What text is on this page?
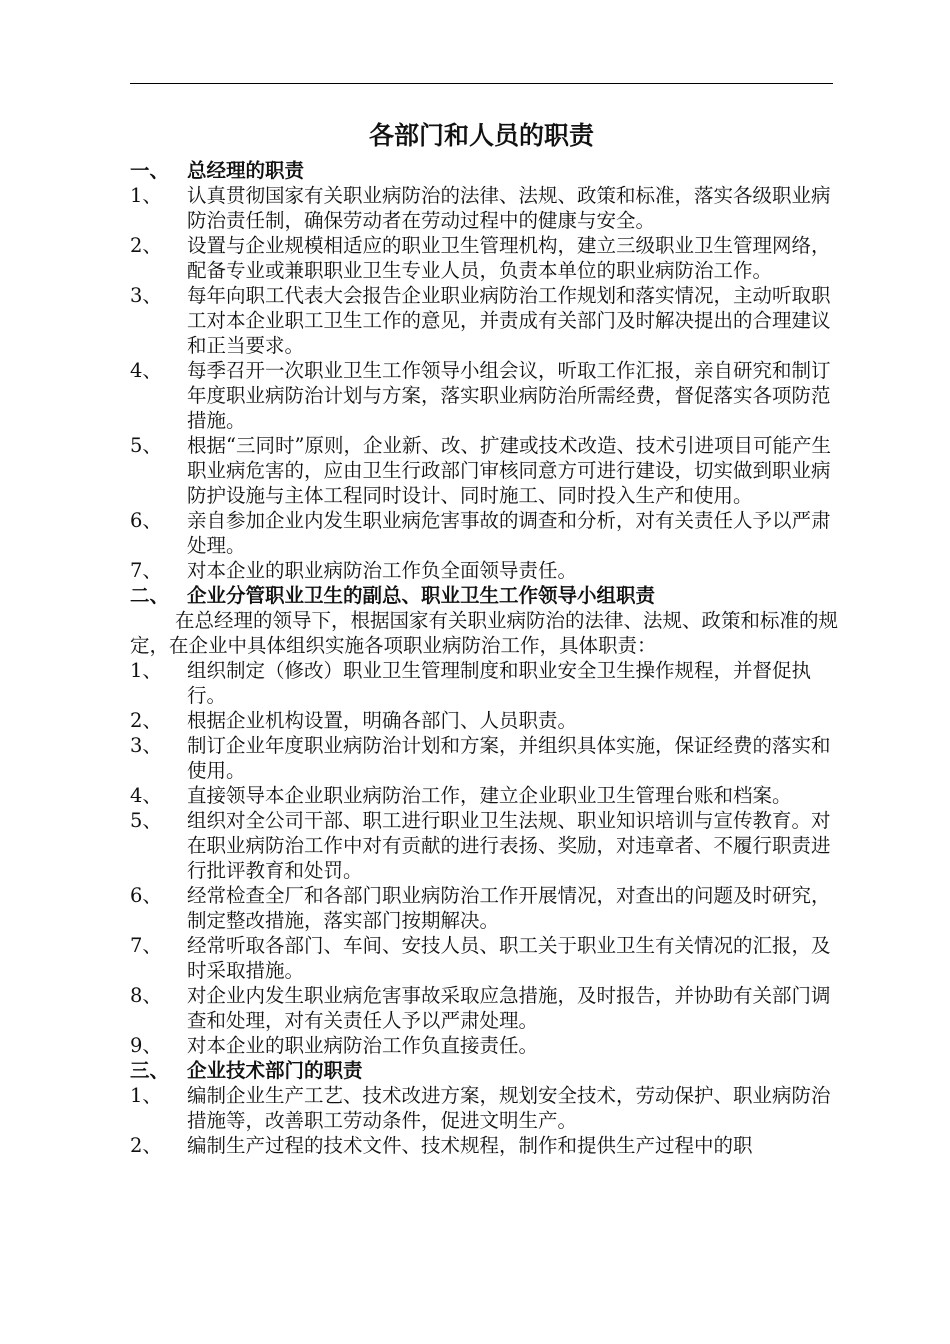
各部门和人员的职责
一、 总经理的职责
1、	认真贯彻国家有关职业病防治的法律、法规、政策和标准，落实各级职业病防治责任制，确保劳动者在劳动过程中的健康与安全。
2、	设置与企业规模相适应的职业卫生管理机构，建立三级职业卫生管理网络，配备专业或兼职职业卫生专业人员，负责本单位的职业病防治工作。
3、	每年向职工代表大会报告企业职业病防治工作规划和落实情况，主动听取职工对本企业职工卫生工作的意见，并责成有关部门及时解决提出的合理建议和正当要求。
4、	每季召开一次职业卫生工作领导小组会议，听取工作汇报，亲自研究和制订年度职业病防治计划与方案，落实职业病防治所需经费，督促落实各项防范措施。
5、	根据“三同时”原则，企业新、改、扩建或技术改造、技术引进项目可能产生职业病危害的，应由卫生行政部门审核同意方可进行建设，切实做到职业病防护设施与主体工程同时设计、同时施工、同时投入生产和使用。
6、	亲自参加企业内发生职业病危害事故的调查和分析，对有关责任人予以严肃处理。
7、	对本企业的职业病防治工作负全面领导责任。
二、 企业分管职业卫生的副总、职业卫生工作领导小组职责
在总经理的领导下，根据国家有关职业病防治的法律、法规、政策和标准的规定，在企业中具体组织实施各项职业病防治工作，具体职责：
1、	组织制定（修改）职业卫生管理制度和职业安全卫生操作规程，并督促执行。
2、	根据企业机构设置，明确各部门、人员职责。
3、	制订企业年度职业病防治计划和方案，并组织具体实施，保证经费的落实和使用。
4、	直接领导本企业职业病防治工作，建立企业职业卫生管理台账和档案。
5、	组织对全公司干部、职工进行职业卫生法规、职业知识培训与宣传教育。对在职业病防治工作中对有贡献的进行表扬、奖励，对违章者、不履行职责进行批评教育和处罚。
6、	经常检查全厂和各部门职业病防治工作开展情况，对查出的问题及时研究，制定整改措施，落实部门按期解决。
7、	经常听取各部门、车间、安技人员、职工关于职业卫生有关情况的汇报，及时采取措施。
8、	对企业内发生职业病危害事故采取应急措施，及时报告，并协助有关部门调查和处理，对有关责任人予以严肃处理。
9、	对本企业的职业病防治工作负直接责任。
三、 企业技术部门的职责
1、	编制企业生产工艺、技术改进方案，规划安全技术，劳动保护、职业病防治措施等，改善职工劳动条件，促进文明生产。
2、	编制生产过程的技术文件、技术规程，制作和提供生产过程中的职
